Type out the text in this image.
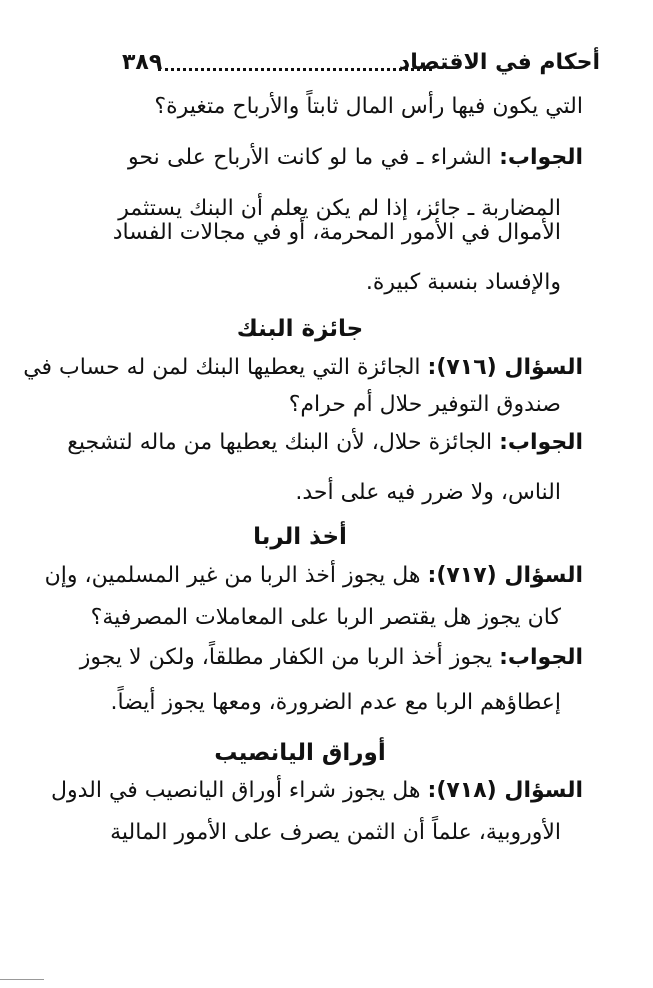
أحكام في الاقتصاد
٣٨٩
التي يكون فيها رأس المال ثابتاً والأرباح متغيرة؟
الجواب: الشراء ـ في ما لو كانت الأرباح على نحو
المضاربة ـ جائز، إذا لم يكن يعلم أن البنك يستثمر
الأموال في الأمور المحرمة، أو في مجالات الفساد
والإفساد بنسبة كبيرة.
جائزة البنك
السؤال (٧١٦): الجائزة التي يعطيها البنك لمن له حساب في
صندوق التوفير حلال أم حرام؟
الجواب: الجائزة حلال، لأن البنك يعطيها من ماله لتشجيع
الناس، ولا ضرر فيه على أحد.
أخذ الربا
السؤال (٧١٧): هل يجوز أخذ الربا من غير المسلمين، وإن
كان يجوز هل يقتصر الربا على المعاملات المصرفية؟
الجواب: يجوز أخذ الربا من الكفار مطلقاً، ولكن لا يجوز
إعطاؤهم الربا مع عدم الضرورة، ومعها يجوز أيضاً.
أوراق اليانصيب
السؤال (٧١٨): هل يجوز شراء أوراق اليانصيب في الدول
الأوروبية، علماً أن الثمن يصرف على الأمور المالية
